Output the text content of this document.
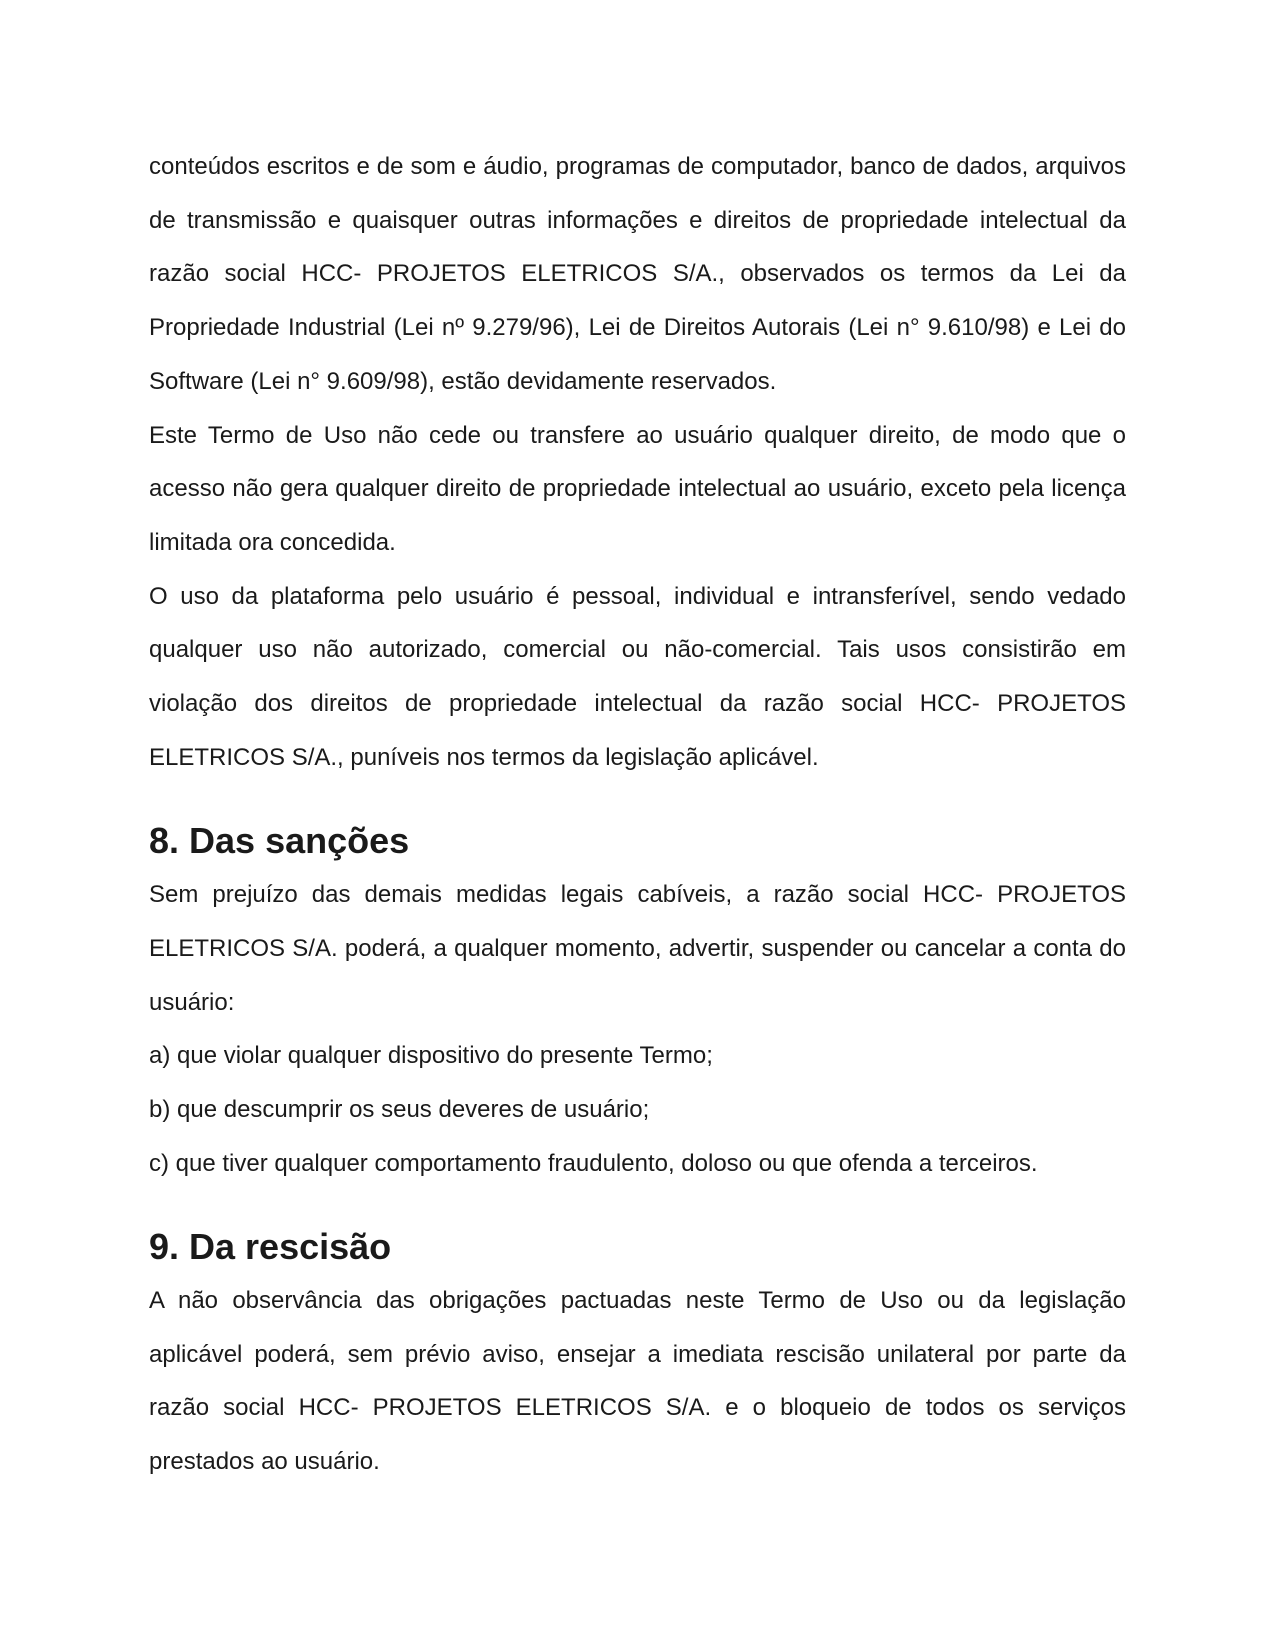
conteúdos escritos e de som e áudio, programas de computador, banco de dados, arquivos de transmissão e quaisquer outras informações e direitos de propriedade intelectual da razão social HCC- PROJETOS ELETRICOS S/A., observados os termos da Lei da Propriedade Industrial (Lei nº 9.279/96), Lei de Direitos Autorais (Lei n° 9.610/98) e Lei do Software (Lei n° 9.609/98), estão devidamente reservados.

Este Termo de Uso não cede ou transfere ao usuário qualquer direito, de modo que o acesso não gera qualquer direito de propriedade intelectual ao usuário, exceto pela licença limitada ora concedida.

O uso da plataforma pelo usuário é pessoal, individual e intransferível, sendo vedado qualquer uso não autorizado, comercial ou não-comercial. Tais usos consistirão em violação dos direitos de propriedade intelectual da razão social HCC- PROJETOS ELETRICOS S/A., puníveis nos termos da legislação aplicável.

8. Das sanções

Sem prejuízo das demais medidas legais cabíveis, a razão social HCC- PROJETOS ELETRICOS S/A. poderá, a qualquer momento, advertir, suspender ou cancelar a conta do usuário:

a) que violar qualquer dispositivo do presente Termo;

b) que descumprir os seus deveres de usuário;

c) que tiver qualquer comportamento fraudulento, doloso ou que ofenda a terceiros.

9. Da rescisão

A não observância das obrigações pactuadas neste Termo de Uso ou da legislação aplicável poderá, sem prévio aviso, ensejar a imediata rescisão unilateral por parte da razão social HCC- PROJETOS ELETRICOS S/A. e o bloqueio de todos os serviços prestados ao usuário.
